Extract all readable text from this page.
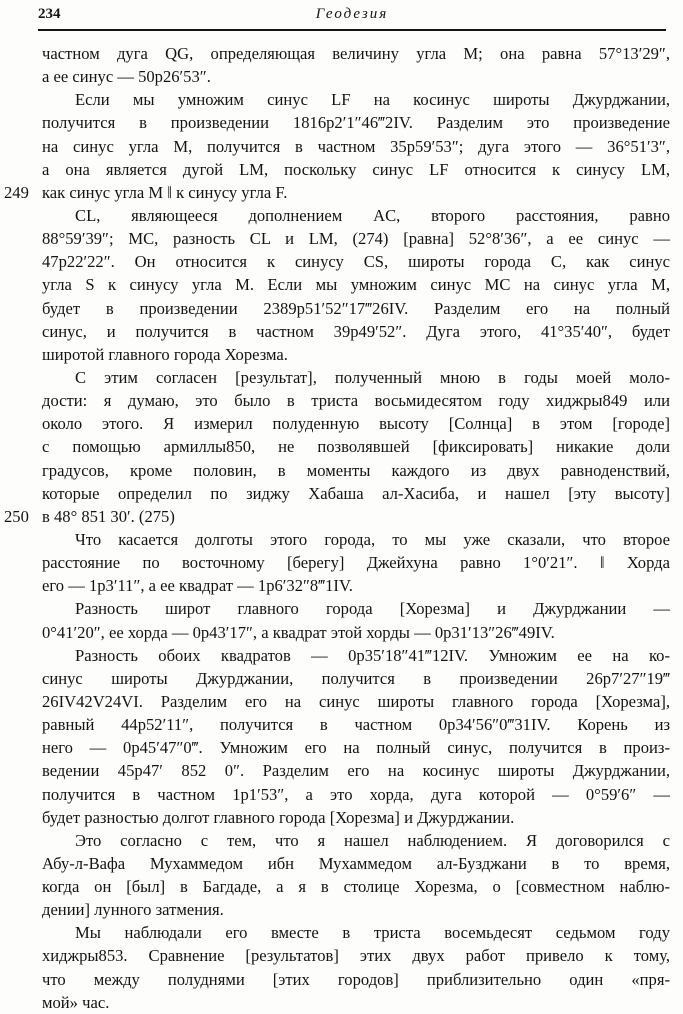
234	Геодезия
249
250
частном дуга QG, определяющая величину угла M; она равна 57°13′29″,
а ее синус — 50р26′53″.
Если мы умножим синус LF на косинус широты Джурджании,
получится в произведении 1816р2′1″46‴2IV. Разделим это произведение
на синус угла M, получится в частном 35р59′53″; дуга этого — 36°51′3″,
а она является дугой LM, поскольку синус LF относится к синусу LM,
как синус угла M ‖ к синусу угла F.
CL, являющееся дополнением AC, второго расстояния, равно
88°59′39″; MC, разность CL и LM, (274) [равна] 52°8′36″, а ее синус —
47р22′22″. Он относится к синусу CS, широты города C, как синус
угла S к синусу угла M. Если мы умножим синус MC на синус угла M,
будет в произведении 2389р51′52″17‴26IV. Разделим его на полный
синус, и получится в частном 39р49′52″. Дуга этого, 41°35′40″, будет
широтой главного города Хорезма.
С этим согласен [результат], полученный мною в годы моей моло-
дости: я думаю, это было в триста восьмидесятом году хиджры849 или
около этого. Я измерил полуденную высоту [Солнца] в этом [городе]
с помощью армиллы850, не позволявшей [фиксировать] никакие доли
градусов, кроме половин, в моменты каждого из двух равноденствий,
которые определил по зиджу Хабаша ал-Хасиба, и нашел [эту высоту]
в 48° 851 30′. (275)
Что касается долготы этого города, то мы уже сказали, что второе
расстояние по восточному [берегу] Джейхуна равно 1°0′21″. ‖ Хорда
его — 1р3′11″, а ее квадрат — 1р6′32″8‴1IV.
Разность широт главного города [Хорезма] и Джурджании —
0°41′20″, ее хорда — 0р43′17″, а квадрат этой хорды — 0р31′13″26‴49IV.
Разность обоих квадратов — 0р35′18″41‴12IV. Умножим ее на ко-
синус широты Джурджании, получится в произведении 26р7′27″19‴
26IV42V24VI. Разделим его на синус широты главного города [Хорезма],
равный 44р52′11″, получится в частном 0р34′56″0‴31IV. Корень из
него — 0р45′47″0‴. Умножим его на полный синус, получится в произ-
ведении 45р47′ 852 0″. Разделим его на косинус широты Джурджании,
получится в частном 1р1′53″, а это хорда, дуга которой — 0°59′6″ —
будет разностью долгот главного города [Хорезма] и Джурджании.
Это согласно с тем, что я нашел наблюдением. Я договорился с
Абу-л-Вафа Мухаммедом ибн Мухаммедом ал-Бузджани в то время,
когда он [был] в Багдаде, а я в столице Хорезма, о [совместном наблю-
дении] лунного затмения.
Мы наблюдали его вместе в триста восемьдесят седьмом году
хиджры853. Сравнение [результатов] этих двух работ привело к тому,
что между полуднями [этих городов] приблизительно один «пря-
мой» час.
